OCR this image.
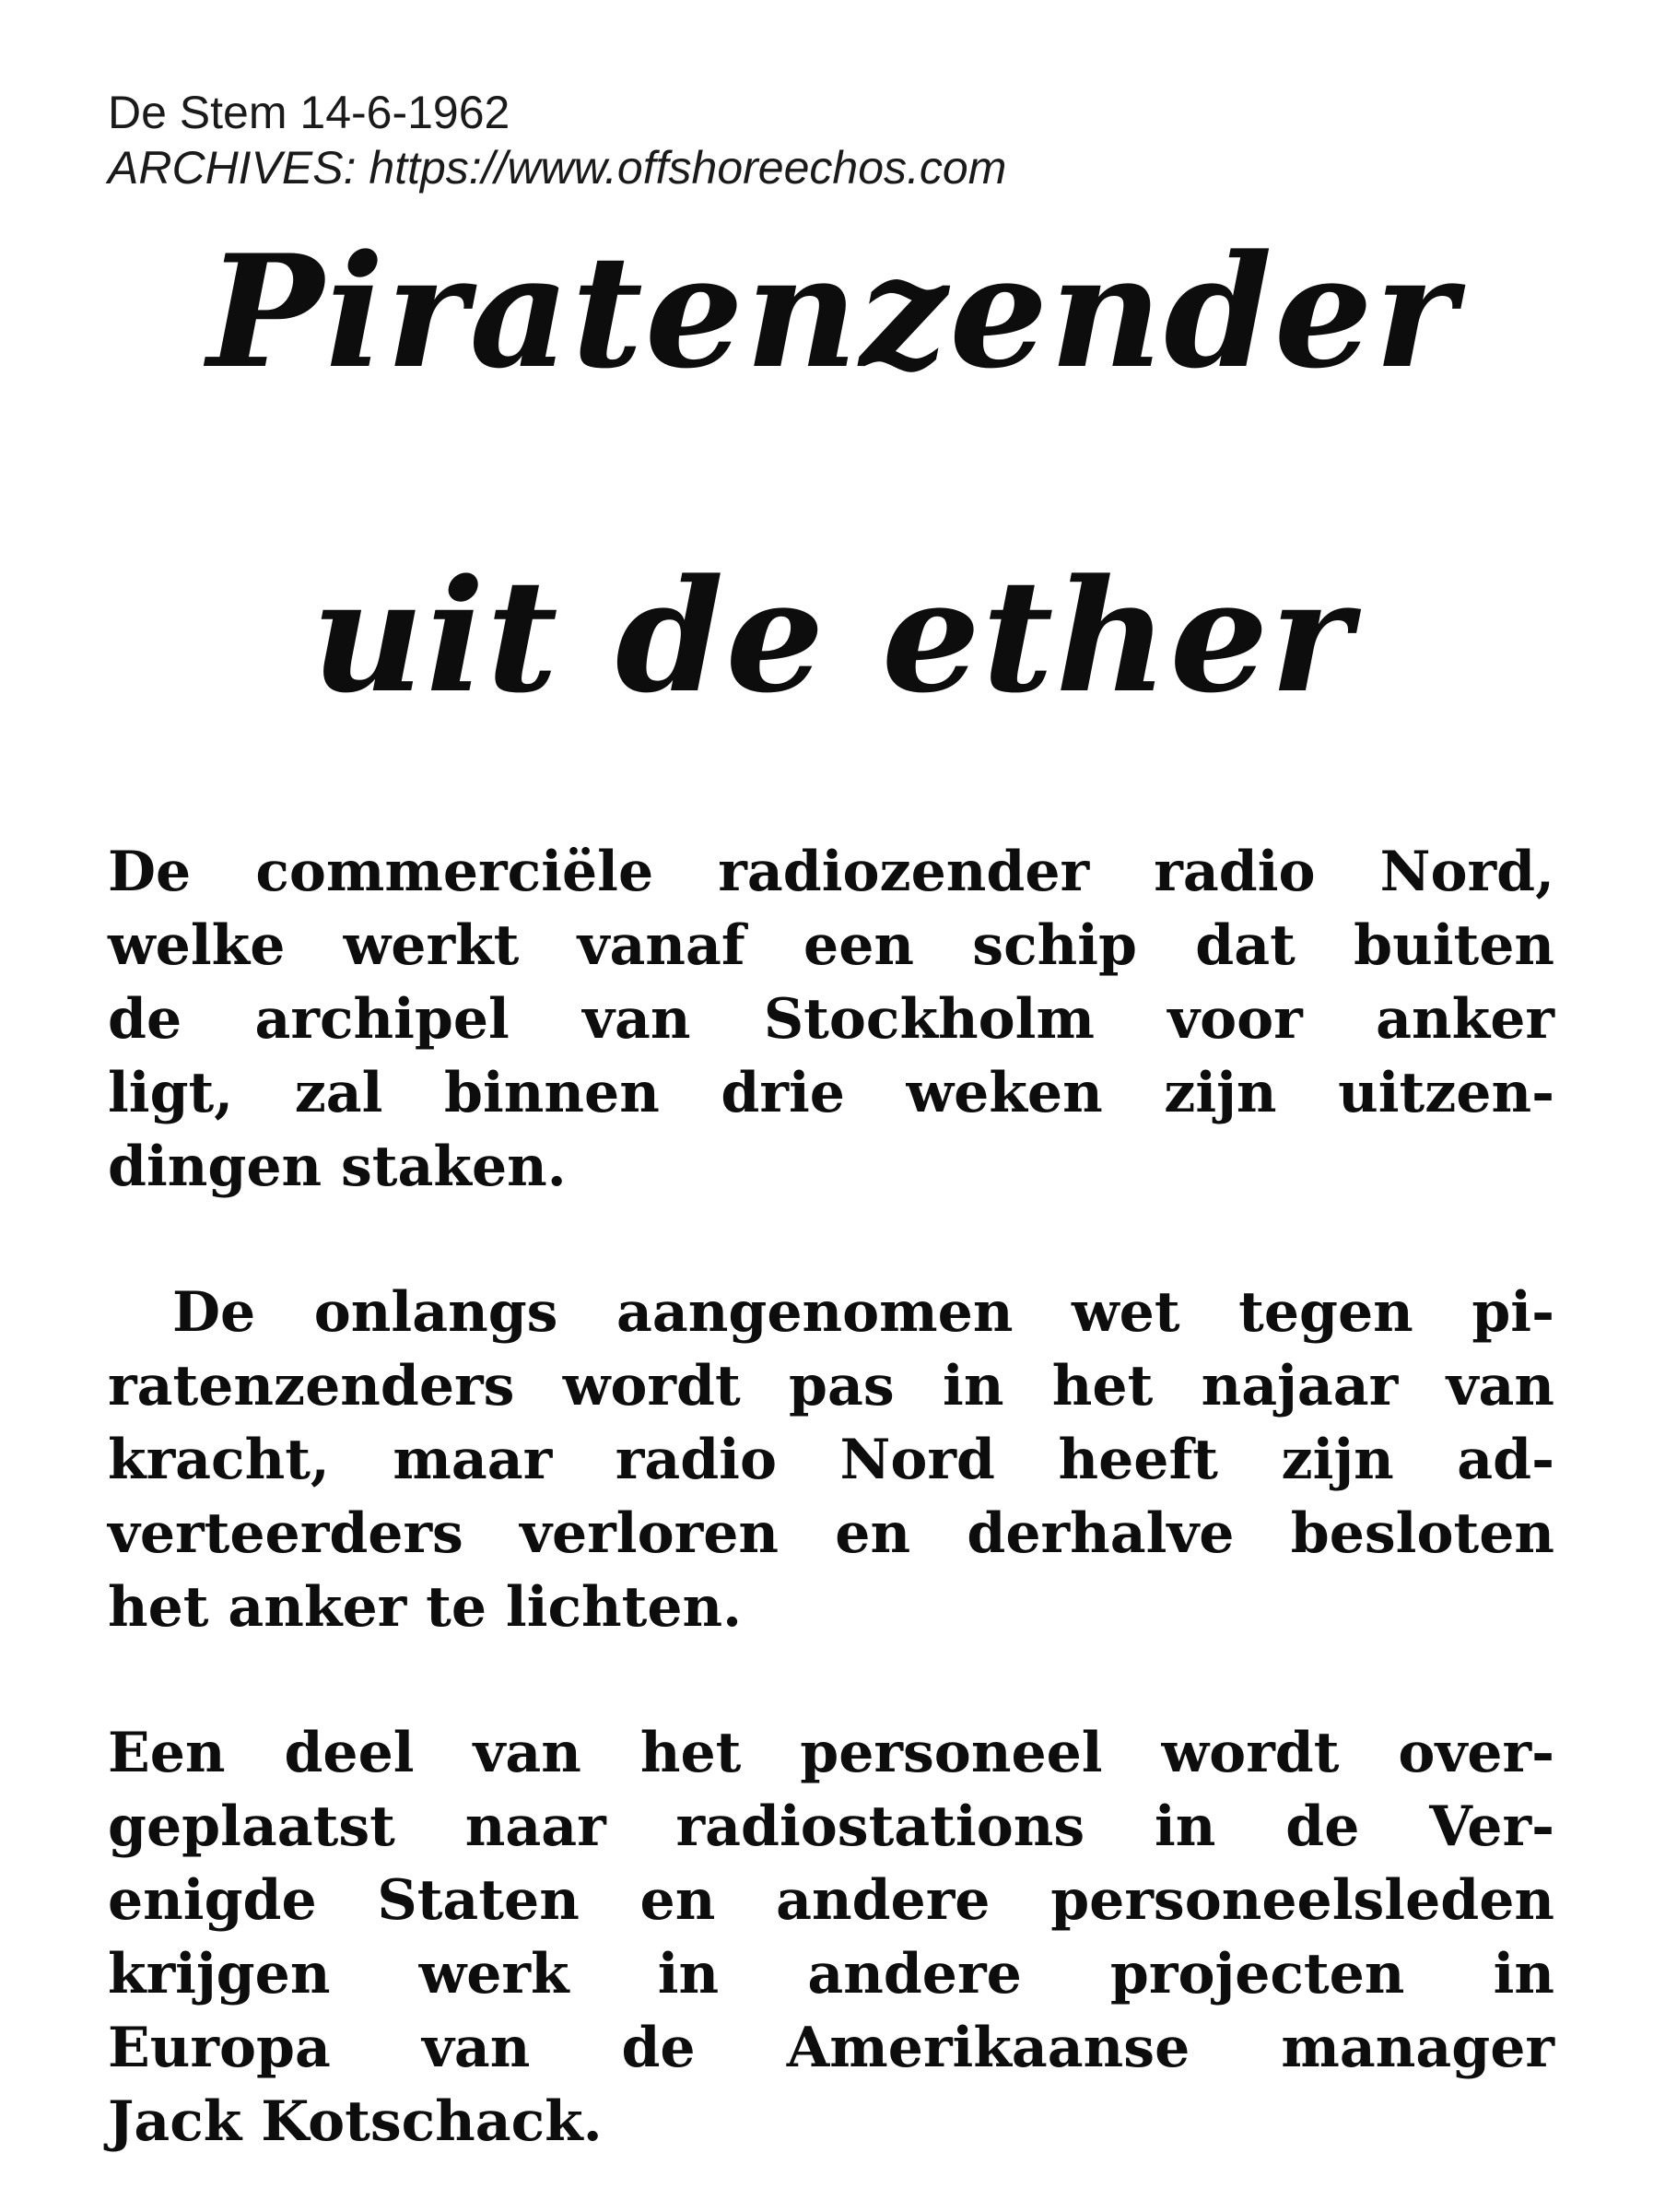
De Stem 14-6-1962
ARCHIVES: https://www.offshoreechos.com
Piratenzender
uit de ether
De commerciële radiozender radio Nord,
welke werkt vanaf een schip dat buiten
de archipel van Stockholm voor anker
ligt, zal binnen drie weken zijn uitzen-
dingen staken.
De onlangs aangenomen wet tegen pi-
ratenzenders wordt pas in het najaar van
kracht, maar radio Nord heeft zijn ad-
verteerders verloren en derhalve besloten
het anker te lichten.
Een deel van het personeel wordt over-
geplaatst naar radiostations in de Ver-
enigde Staten en andere personeelsleden
krijgen werk in andere projecten in
Europa van de Amerikaanse manager
Jack Kotschack.
